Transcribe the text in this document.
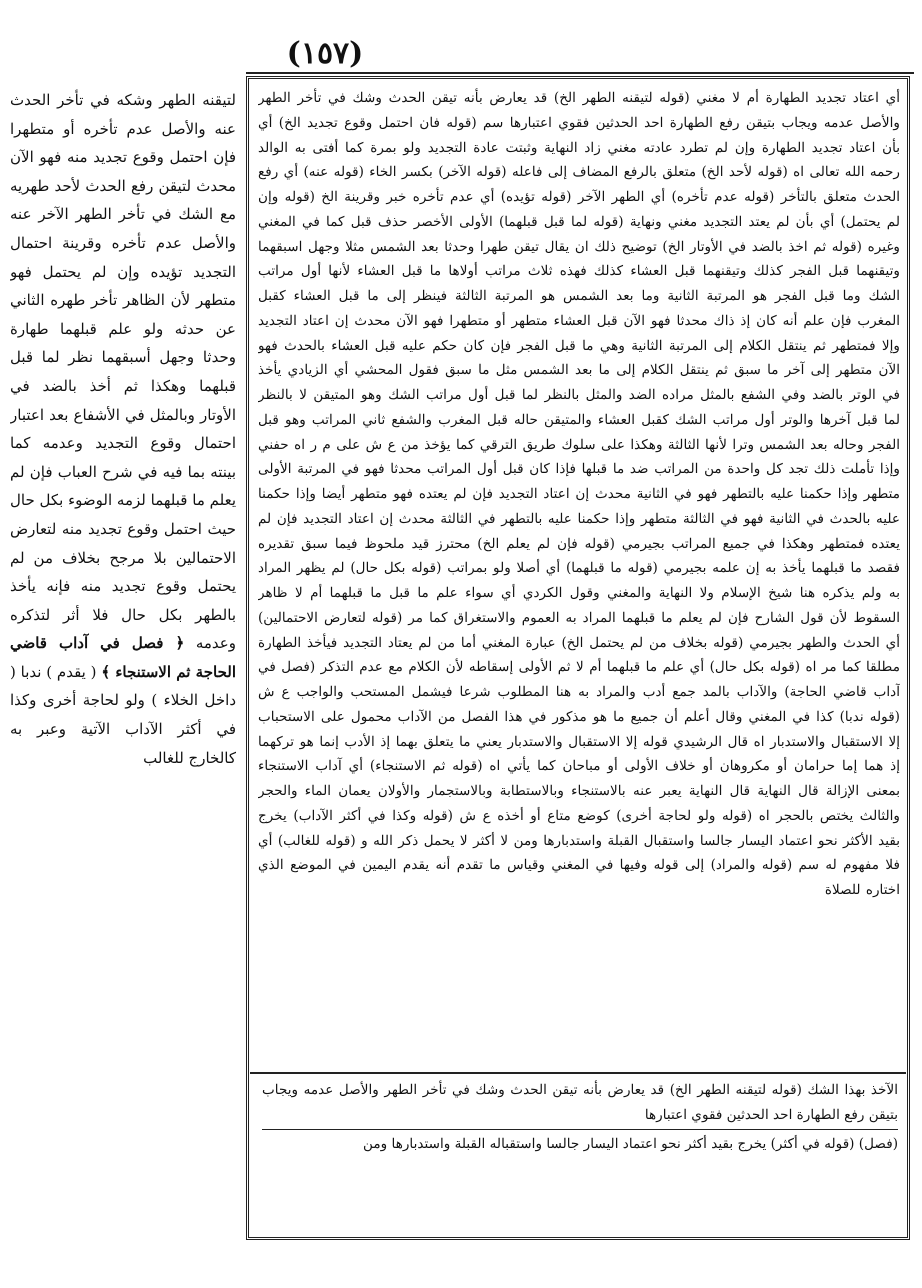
(١٥٧)
أي اعتاد تجديد الطهارة أم لا مغني (قوله لتيقنه الطهر الخ) قد يعارض بأنه تيقن الحدث وشك في تأخر الطهر والأصل عدمه ويجاب بتيقن رفع الطهارة احد الحدثين فقوي اعتبارها سم (قوله فان احتمل وقوع تجديد الخ) أي بأن اعتاد تجديد الطهارة وإن لم تطرد عادته مغني زاد النهاية وثبتت عادة التجديد ولو بمرة كما أفتى به الوالد رحمه الله تعالى اه (قوله لأحد الخ) متعلق بالرفع المضاف إلى فاعله (قوله الآخر) بكسر الخاء (قوله عنه) أي رفع الحدث متعلق بالتأخر (قوله عدم تأخره) أي الطهر الآخر (قوله تؤيده) أي عدم تأخره خبر وقرينة الخ (قوله وإن لم يحتمل) أي بأن لم يعتد التجديد مغني ونهاية (قوله لما قبل قبلهما) الأولى الأخصر حذف قبل كما في المغني وغيره (قوله ثم اخذ بالضد في الأوتار الخ) توضيح ذلك ان يقال تيقن طهرا وحدثا بعد الشمس مثلا وجهل اسبقهما وتيقنهما قبل الفجر كذلك وتيقنهما قبل العشاء كذلك فهذه ثلاث مراتب أولاها ما قبل العشاء لأنها أول مراتب الشك وما قبل الفجر هو المرتبة الثانية وما بعد الشمس هو المرتبة الثالثة فينظر إلى ما قبل العشاء كقبل المغرب فإن علم أنه كان إذ ذاك محدثا فهو الآن قبل العشاء متطهر أو متطهرا فهو الآن محدث إن اعتاد التجديد وإلا فمتطهر ثم ينتقل الكلام إلى المرتبة الثانية وهي ما قبل الفجر فإن كان حكم عليه قبل العشاء بالحدث فهو الآن متطهر إلى آخر ما سبق ثم ينتقل الكلام إلى ما بعد الشمس مثل ما سبق فقول المحشي أي الزيادي يأخذ في الوتر بالضد وفي الشفع بالمثل مراده الضد والمثل بالنظر لما قبل أول مراتب الشك وهو المتيقن لا بالنظر لما قبل آخرها والوتر أول مراتب الشك كقبل العشاء والمتيقن حاله قبل المغرب والشفع ثاني المراتب وهو قبل الفجر وحاله بعد الشمس وترا لأنها الثالثة وهكذا على سلوك طريق الترقي كما يؤخذ من ع ش على م ر اه حفني وإذا تأملت ذلك تجد كل واحدة من المراتب ضد ما قبلها فإذا كان قبل أول المراتب محدثا فهو في المرتبة الأولى متطهر وإذا حكمنا عليه بالتطهر فهو في الثانية محدث إن اعتاد التجديد فإن لم يعتده فهو متطهر أيضا وإذا حكمنا عليه بالحدث في الثانية فهو في الثالثة متطهر وإذا حكمنا عليه بالتطهر في الثالثة محدث إن اعتاد التجديد فإن لم يعتده فمتطهر وهكذا في جميع المراتب بجيرمي (قوله فإن لم يعلم الخ) محترز قيد ملحوظ فيما سبق تقديره فقصد ما قبلهما يأخذ به إن علمه بجيرمي (قوله ما قبلهما) أي أصلا ولو بمراتب (قوله بكل حال) لم يظهر المراد به ولم يذكره هنا شيخ الإسلام ولا النهاية والمغني وقول الكردي أي سواء علم ما قبل ما قبلهما أم لا ظاهر السقوط لأن قول الشارح فإن لم يعلم ما قبلهما المراد به العموم والاستغراق كما مر (قوله لتعارض الاحتمالين) أي الحدث والطهر بجيرمي (قوله بخلاف من لم يحتمل الخ) عبارة المغني أما من لم يعتاد التجديد فيأخذ الطهارة مطلقا كما مر اه (قوله بكل حال) أي علم ما قبلهما أم لا ثم الأولى إسقاطه لأن الكلام مع عدم التذكر (فصل في آداب قاضي الحاجة) والآداب بالمد جمع أدب والمراد به هنا المطلوب شرعا فيشمل المستحب والواجب ع ش (قوله ندبا) كذا في المغني وقال أعلم أن جميع ما هو مذكور في هذا الفصل من الآداب محمول على الاستحباب إلا الاستقبال والاستدبار اه قال الرشيدي قوله إلا الاستقبال والاستدبار يعني ما يتعلق بهما إذ الأدب إنما هو تركهما إذ هما إما حرامان أو مكروهان أو خلاف الأولى أو مباحان كما يأتي اه (قوله ثم الاستنجاء) أي آداب الاستنجاء بمعنى الإزالة قال النهاية قال النهاية يعبر عنه بالاستنجاء وبالاستطابة وبالاستجمار والأولان يعمان الماء والحجر والثالث يختص بالحجر اه (قوله ولو لحاجة أخرى) كوضع متاع أو أخذه ع ش (قوله وكذا في أكثر الآداب) يخرج بقيد الأكثر نحو اعتماد اليسار جالسا واستقبال القبلة واستدبارها ومن لا أكثر لا يحمل ذكر الله و (قوله للغالب) أي فلا مفهوم له سم (قوله والمراد) إلى قوله وفيها في المغني وقياس ما تقدم أنه يقدم اليمين في الموضع الذي اختاره للصلاة

الآخذ بهذا الشك (قوله لتيقنه الطهر الخ) قد يعارض بأنه تيقن الحدث وشك في تأخر الطهر والأصل عدمه ويجاب بتيقن رفع الطهارة احد الحدثين فقوي اعتبارها

(فصل) (قوله في أكثر) يخرج بقيد أكثر نحو اعتماد اليسار جالسا واستقباله القبلة واستدبارها ومن

لتيقنه الطهر وشكه في تأخر الحدث عنه والأصل عدم تأخره أو متطهرا فإن احتمل وقوع تجديد منه فهو الآن محدث لتيقن رفع الحدث لأحد طهريه مع الشك في تأخر الطهر الآخر عنه والأصل عدم تأخره وقرينة احتمال التجديد تؤيده وإن لم يحتمل فهو متطهر لأن الظاهر تأخر طهره الثاني عن حدثه ولو علم قبلهما طهارة وحدثا وجهل أسبقهما نظر لما قبل قبلهما وهكذا ثم أخذ بالضد في الأوتار وبالمثل في الأشفاع بعد اعتبار احتمال وقوع التجديد وعدمه كما بينته بما فيه في شرح العباب فإن لم يعلم ما قبلهما لزمه الوضوء بكل حال حيث احتمل وقوع تجديد منه لتعارض الاحتمالين بلا مرجح بخلاف من لم يحتمل وقوع تجديد منه فإنه يأخذ بالطهر بكل حال فلا أثر لتذكره وعدمه ﴿ فصل في آداب قاضي الحاجة ثم الاستنجاء ﴾ ( يقدم ) ندبا ( داخل الخلاء ) ولو لحاجة أخرى وكذا في أكثر الآداب الآتية وعبر به كالخارج للغالب
